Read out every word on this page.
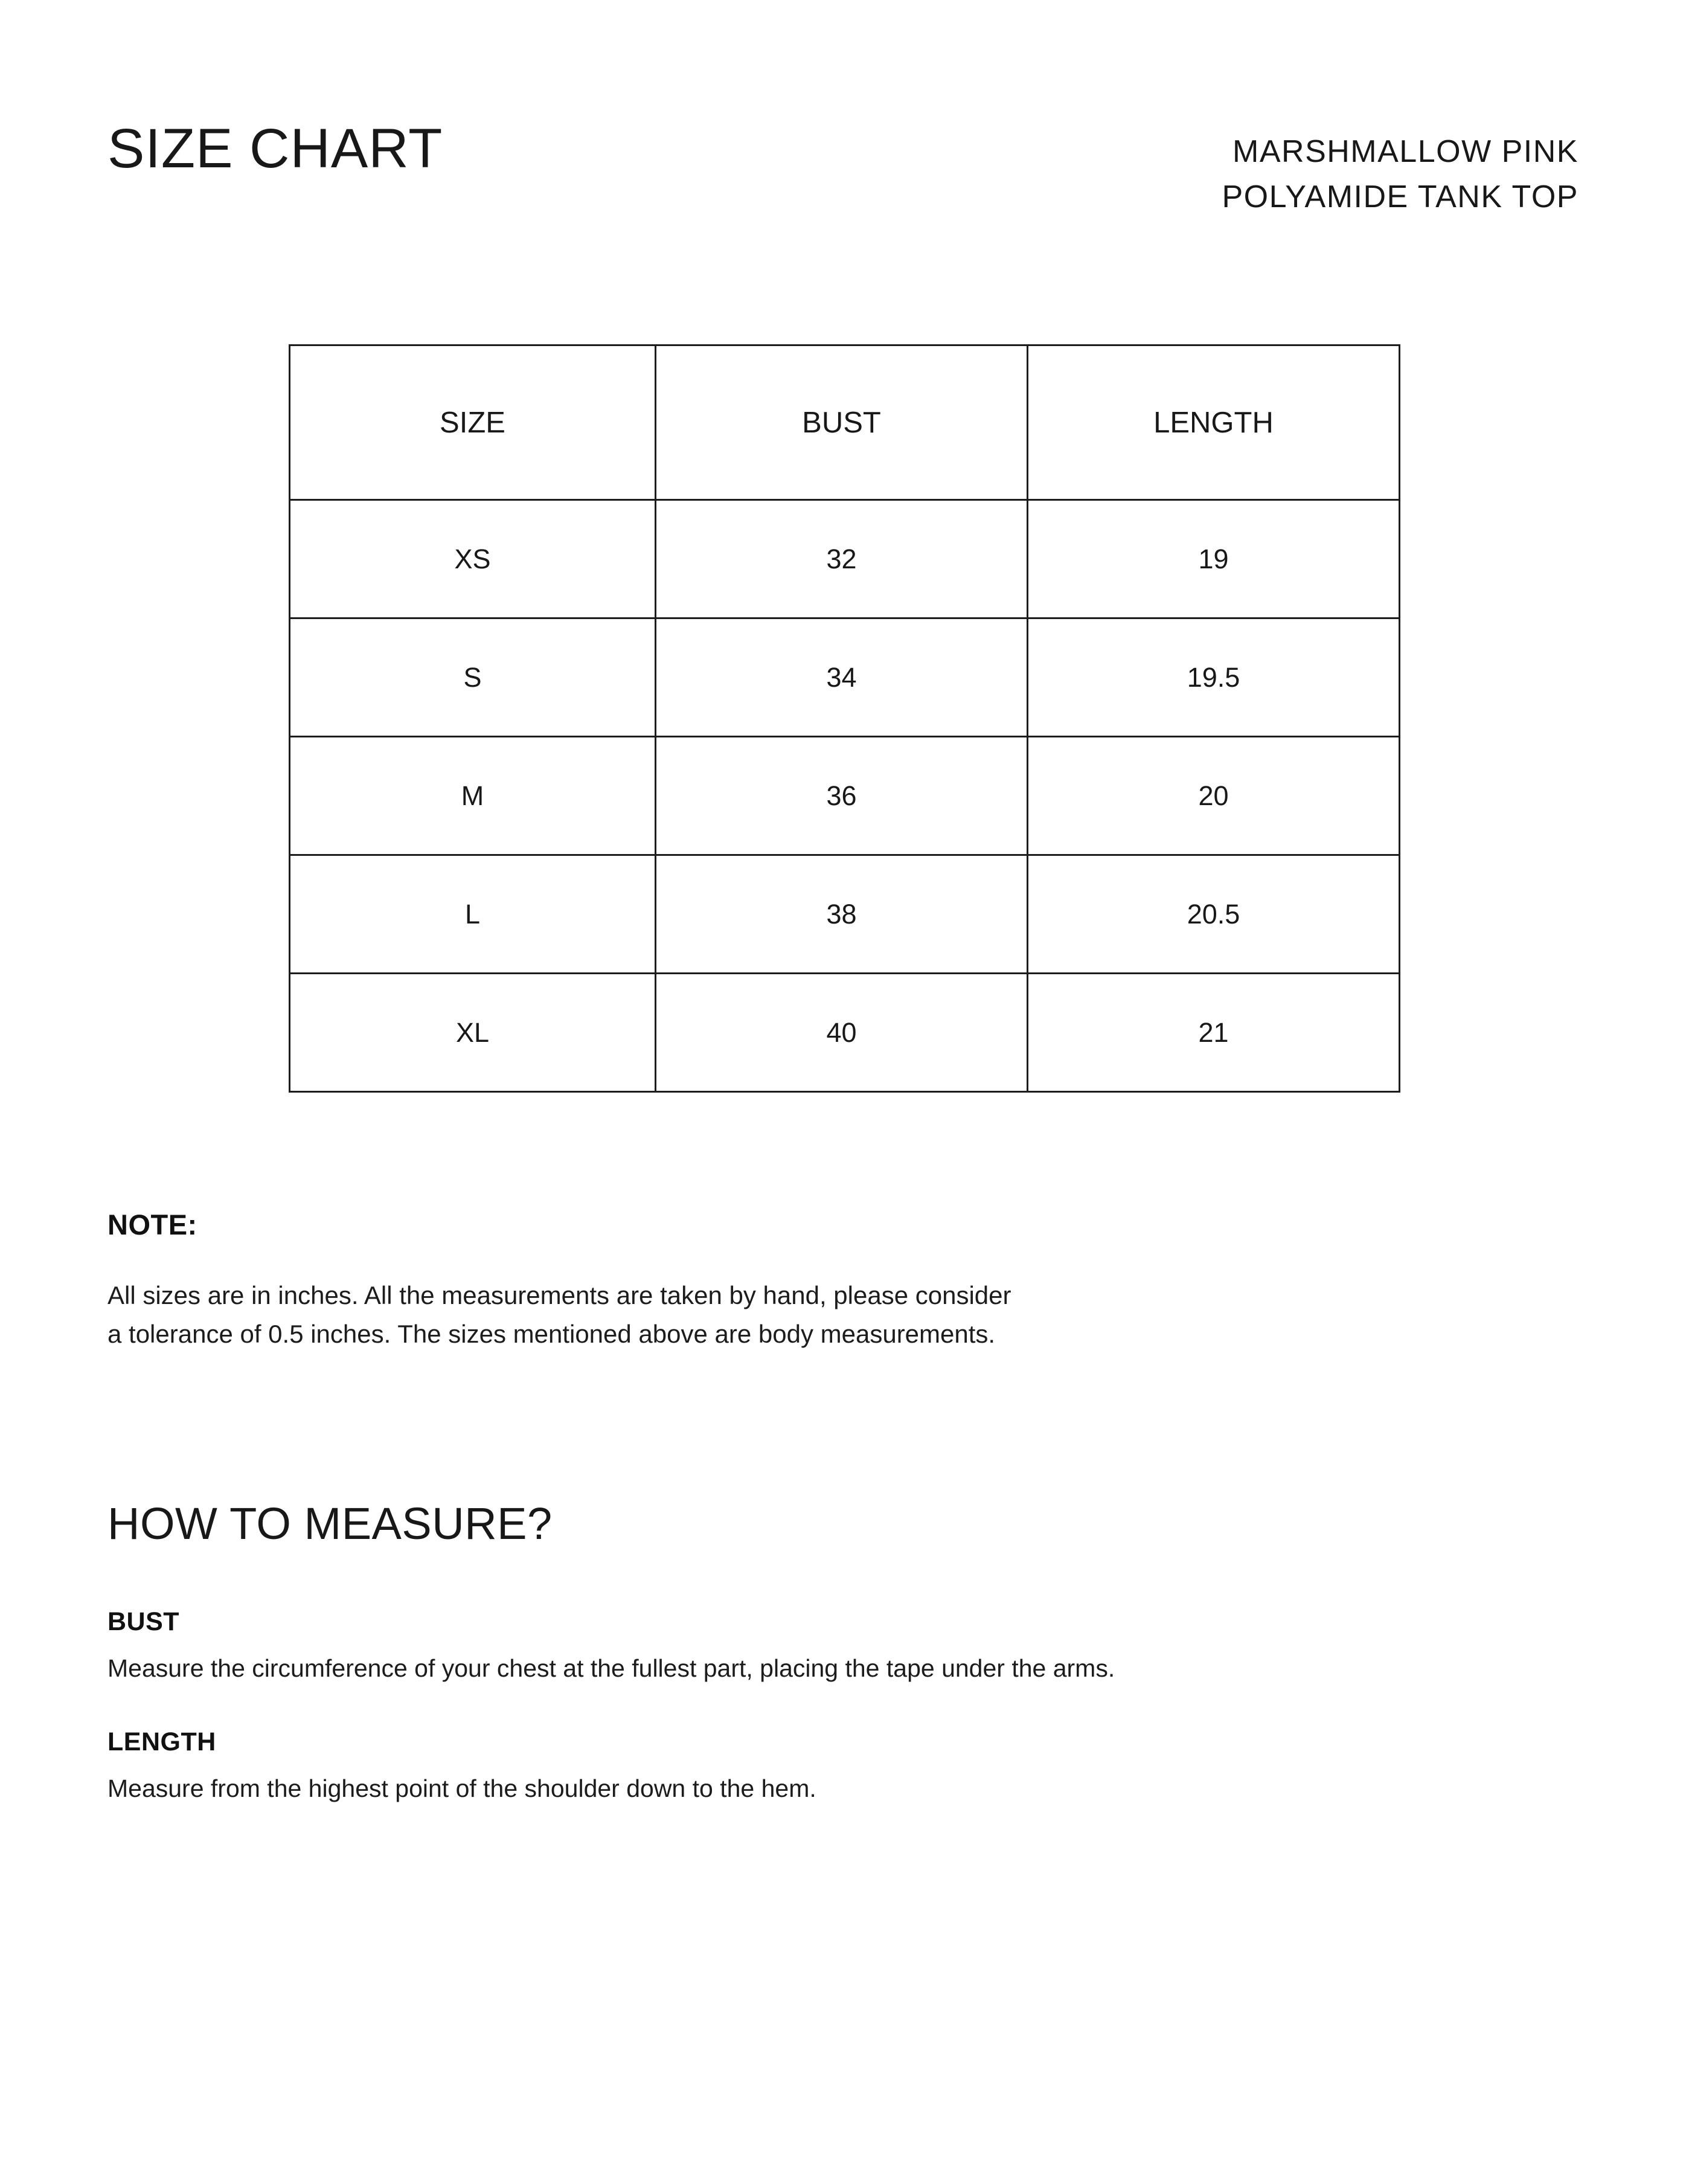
SIZE CHART	MARSHMALLOW PINK
POLYAMIDE TANK TOP
SIZE	BUST	LENGTH
XS	32	19
S	34	19.5
M	36	20
L	38	20.5
XL	40	21
NOTE:
All sizes are in inches. All the measurements are taken by hand, please consider
a tolerance of 0.5 inches. The sizes mentioned above are body measurements.
HOW TO MEASURE?
BUST
Measure the circumference of your chest at the fullest part, placing the tape under the arms.
LENGTH
Measure from the highest point of the shoulder down to the hem.
